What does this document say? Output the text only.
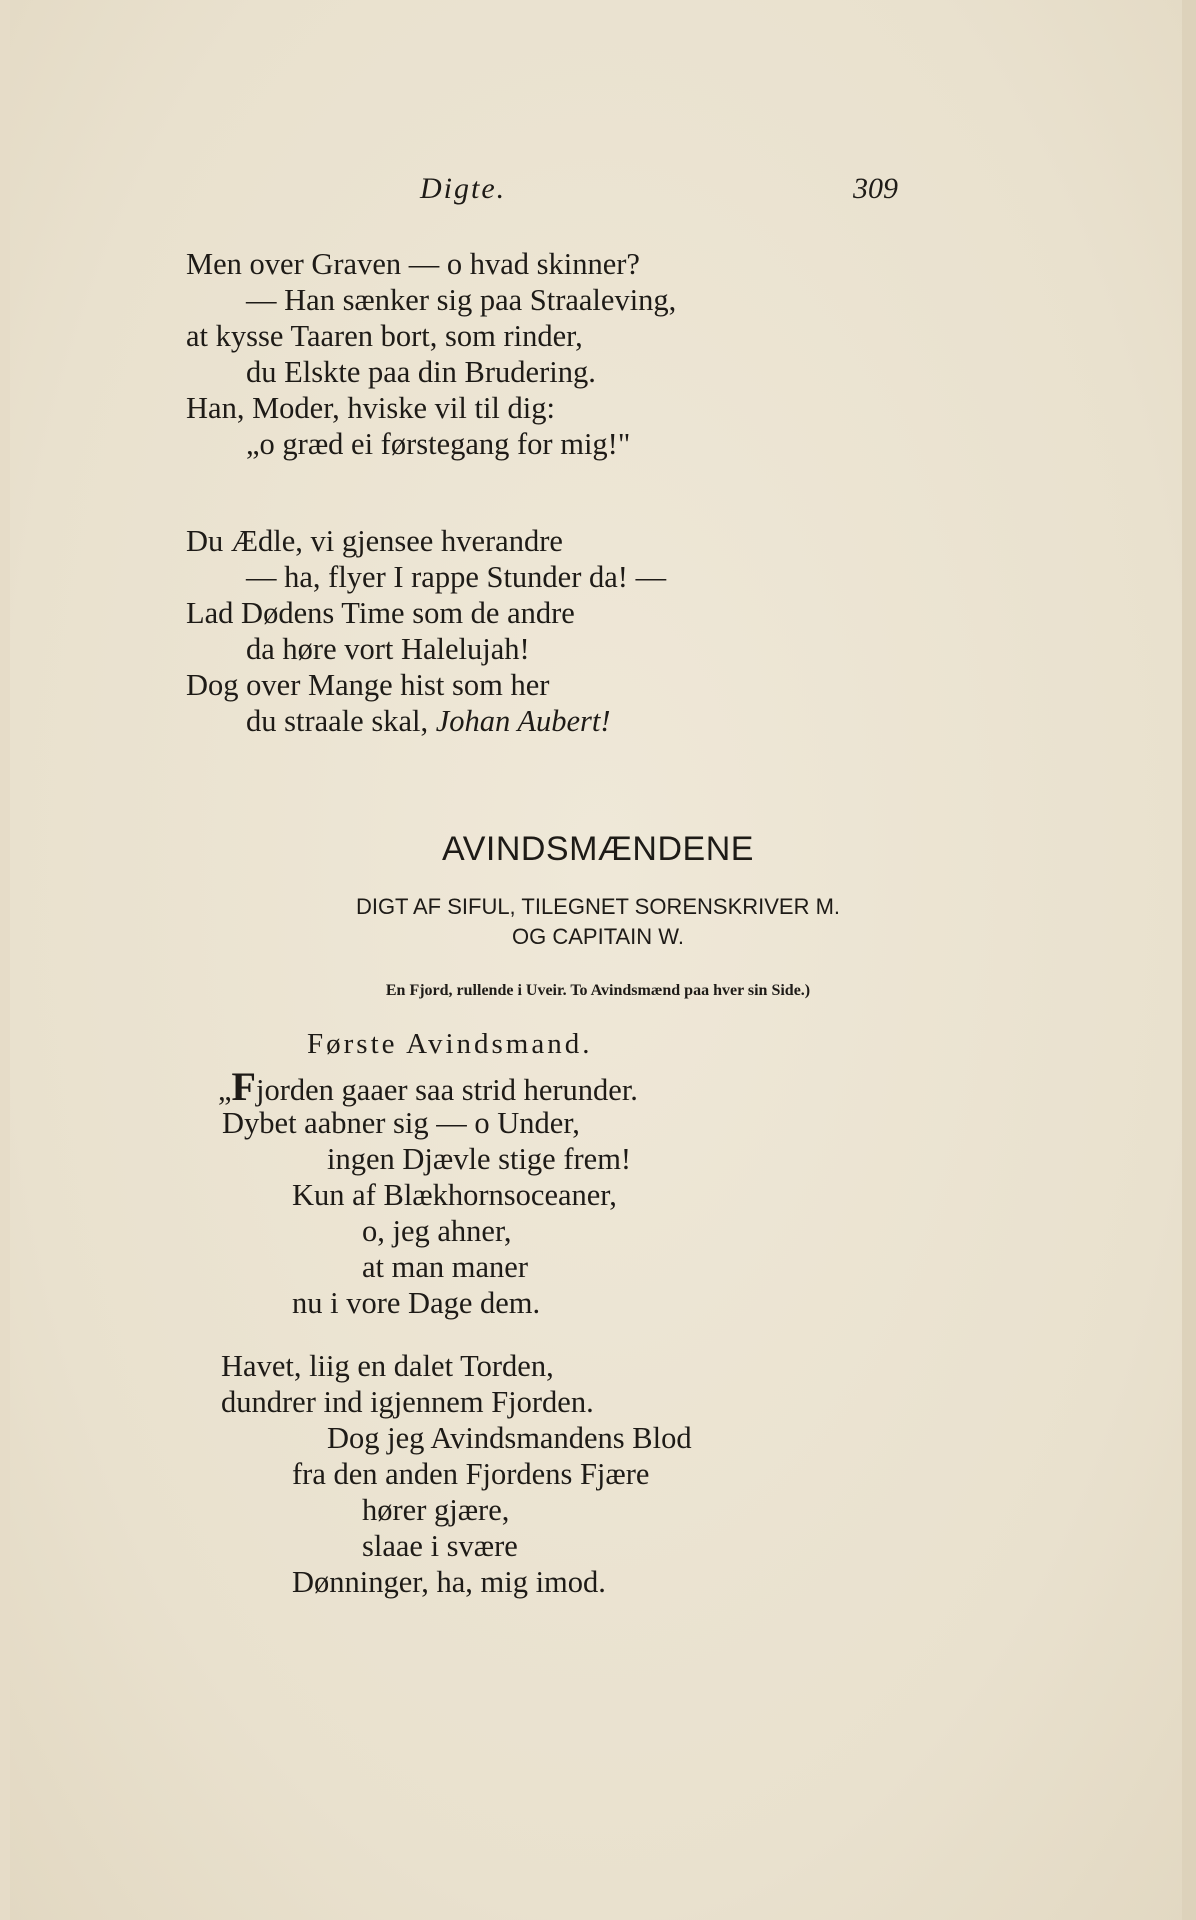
Digte.	309
Men over Graven — o hvad skinner?
— Han sænker sig paa Straaleving,
at kysse Taaren bort, som rinder,
du Elskte paa din Brudering.
Han, Moder, hviske vil til dig:
„o græd ei førstegang for mig!"
Du Ædle, vi gjensee hverandre
— ha, flyer I rappe Stunder da! —
Lad Dødens Time som de andre
da høre vort Halelujah!
Dog over Mange hist som her
du straale skal, Johan Aubert!
AVINDSMÆNDENE
DIGT AF SIFUL, TILEGNET SORENSKRIVER M.
OG CAPITAIN W.
En Fjord, rullende i Uveir. To Avindsmænd paa hver sin Side.)
Første Avindsmand.
„Fjorden gaaer saa strid herunder.
Dybet aabner sig — o Under,
ingen Djævle stige frem!
Kun af Blækhornsoceaner,
o, jeg ahner,
at man maner
nu i vore Dage dem.
Havet, liig en dalet Torden,
dundrer ind igjennem Fjorden.
Dog jeg Avindsmandens Blod
fra den anden Fjordens Fjære
hører gjære,
slaae i svære
Dønninger, ha, mig imod.
